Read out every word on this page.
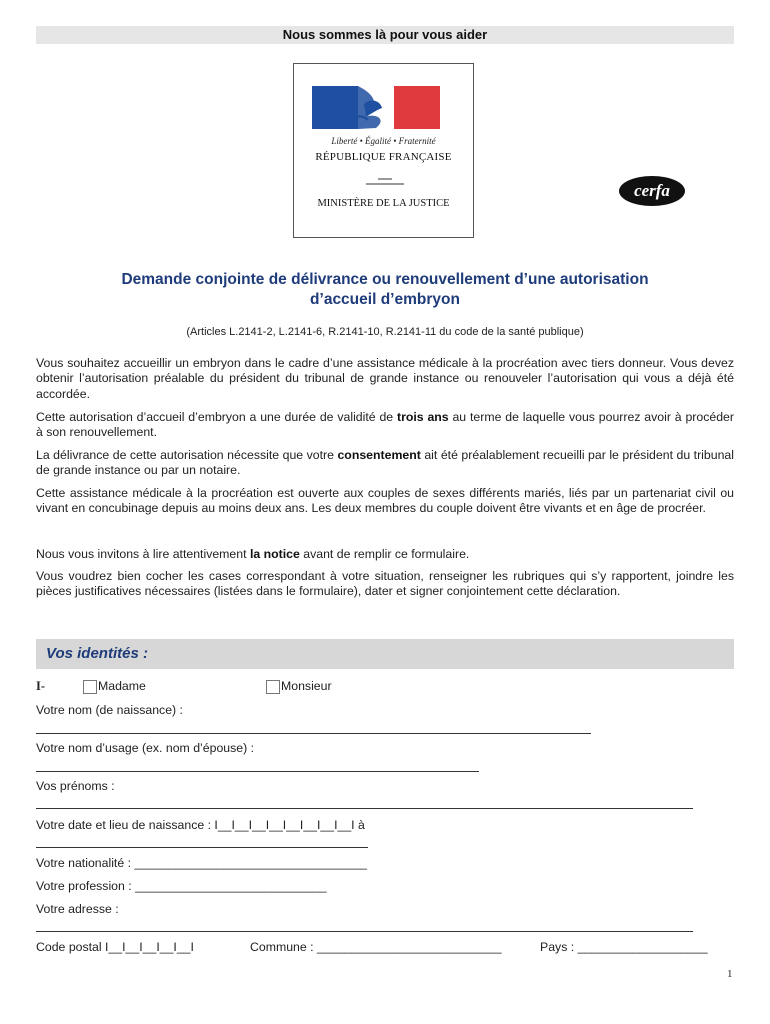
Nous sommes là pour vous aider
Liberté • Égalité • Fraternité
RÉPUBLIQUE FRANÇAISE
MINISTÈRE DE LA JUSTICE
cerfa
Demande conjointe de délivrance ou renouvellement d’une autorisation
d’accueil d’embryon
(Articles L.2141-2, L.2141-6, R.2141-10, R.2141-11 du code de la santé publique)
Vous souhaitez accueillir un embryon dans le cadre d’une assistance médicale à la procréation avec tiers donneur. Vous devez obtenir l’autorisation préalable du président du tribunal de grande instance ou renouveler l’autorisation qui vous a déjà été accordée.
Cette autorisation d’accueil d’embryon a une durée de validité de trois ans au terme de laquelle vous pourrez avoir à procéder à son renouvellement.
La délivrance de cette autorisation nécessite que votre consentement ait été préalablement recueilli par le président du tribunal de grande instance ou par un notaire.
Cette assistance médicale à la procréation est ouverte aux couples de sexes différents mariés, liés par un partenariat civil ou vivant en concubinage depuis au moins deux ans. Les deux membres du couple doivent être vivants et en âge de procréer.
Nous vous invitons à lire attentivement la notice avant de remplir ce formulaire.
Vous voudrez bien cocher les cases correspondant à votre situation, renseigner les rubriques qui s’y rapportent, joindre les pièces justificatives nécessaires (listées dans le formulaire), dater et signer conjointement cette déclaration.
Vos identités :
I-	Madame	Monsieur
Votre nom (de naissance) :
Votre nom d’usage (ex. nom d’épouse) :
Vos prénoms :
Votre date et lieu de naissance : I__I__I__I__I__I__I__I__I à
Votre nationalité : __________________________________
Votre profession : ____________________________
Votre adresse :
Code postal I__I__I__I__I__I	Commune : ___________________________	Pays : ___________________
1
